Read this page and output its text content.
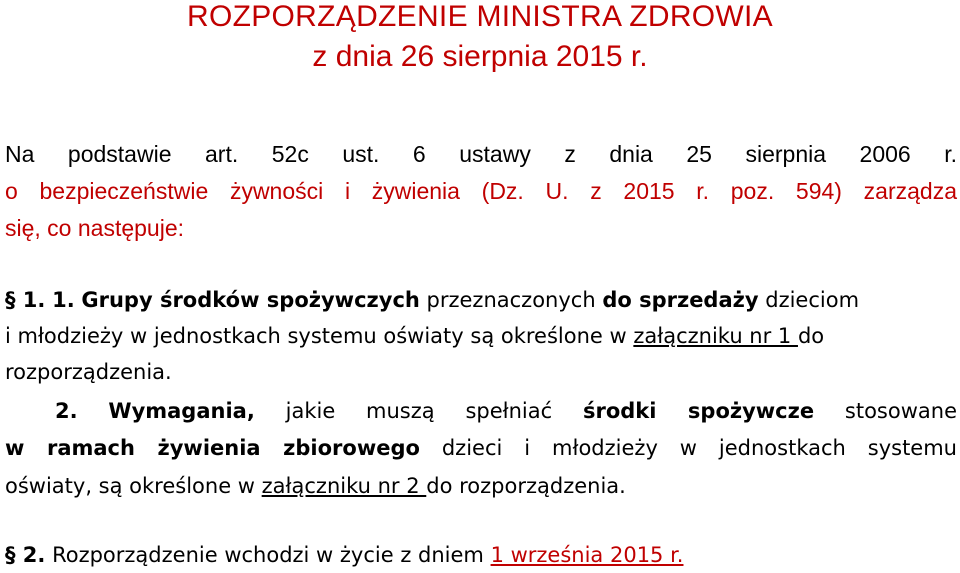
ROZPORZĄDZENIE MINISTRA ZDROWIA
z dnia 26 sierpnia 2015 r.
Na podstawie art. 52c ust. 6 ustawy z dnia 25 sierpnia 2006 r.
o bezpieczeństwie żywności i żywienia (Dz. U. z 2015 r. poz. 594) zarządza
się, co następuje:
§ 1. 1. Grupy środków spożywczych przeznaczonych do sprzedaży dzieciom
i młodzieży w jednostkach systemu oświaty są określone w załączniku nr 1 do
rozporządzenia.
2. Wymagania, jakie muszą spełniać środki spożywcze stosowane
w ramach żywienia zbiorowego dzieci i młodzieży w jednostkach systemu
oświaty, są określone w załączniku nr 2 do rozporządzenia.
§ 2. Rozporządzenie wchodzi w życie z dniem 1 września 2015 r.
